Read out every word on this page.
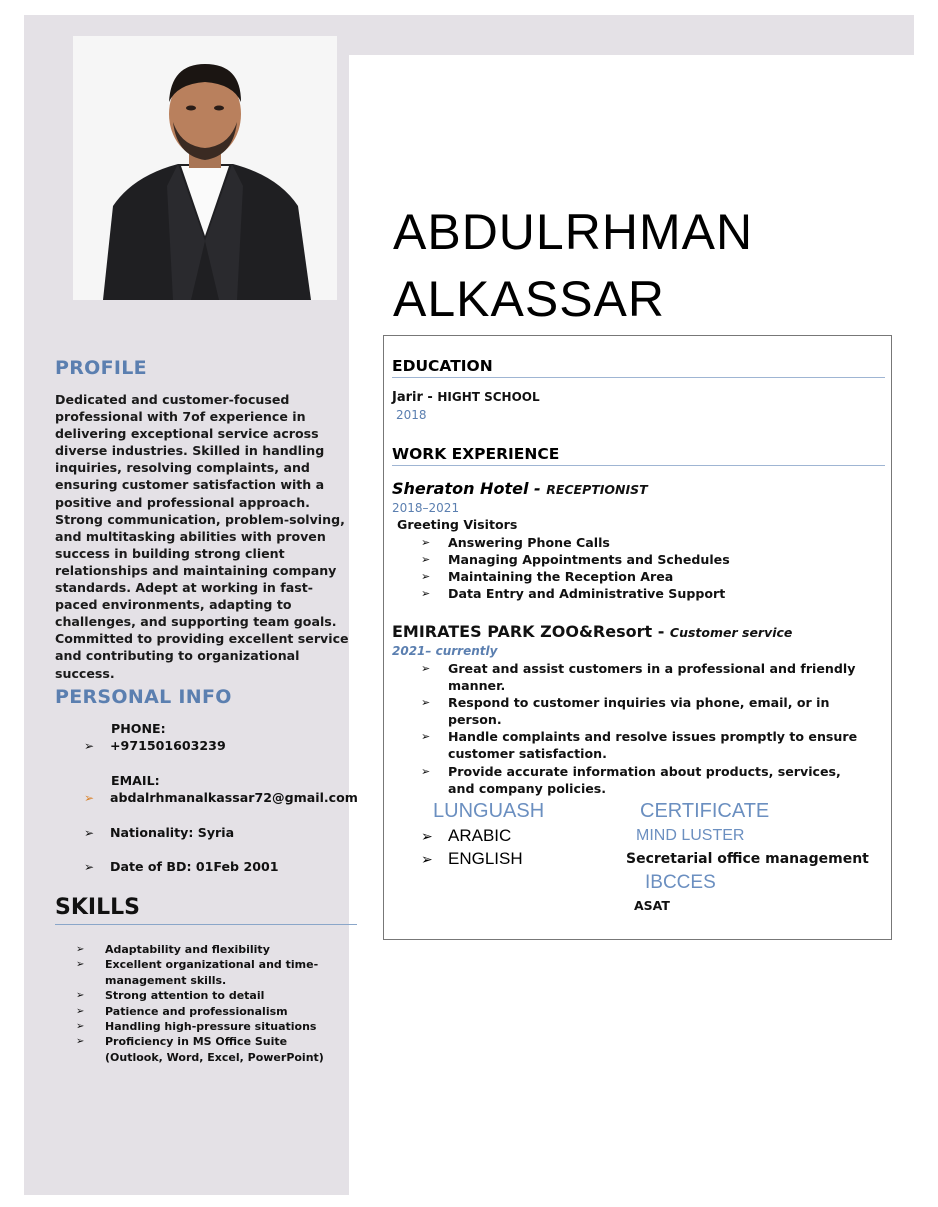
ABDULRHMAN
ALKASSAR
PROFILE
Dedicated and customer-focused professional with 7of experience in delivering exceptional service across diverse industries. Skilled in handling inquiries, resolving complaints, and ensuring customer satisfaction with a positive and professional approach. Strong communication, problem-solving, and multitasking abilities with proven success in building strong client relationships and maintaining company standards. Adept at working in fast-paced environments, adapting to challenges, and supporting team goals. Committed to providing excellent service and contributing to organizational success.
PERSONAL INFO
PHONE:
➢ +971501603239
EMAIL:
➢ abdalrhmanalkassar72@gmail.com
➢ Nationality: Syria
➢ Date of BD: 01Feb 2001
SKILLS
➢ Adaptability and flexibility
➢ Excellent organizational and time-management skills.
➢ Strong attention to detail
➢ Patience and professionalism
➢ Handling high-pressure situations
➢ Proficiency in MS Office Suite (Outlook, Word, Excel, PowerPoint)
EDUCATION
Jarir - HIGHT SCHOOL
2018
WORK EXPERIENCE
Sheraton Hotel - RECEPTIONIST
2018–2021
Greeting Visitors
➢ Answering Phone Calls
➢ Managing Appointments and Schedules
➢ Maintaining the Reception Area
➢ Data Entry and Administrative Support
EMIRATES PARK ZOO&Resort - Customer service
2021– currently
➢ Great and assist customers in a professional and friendly manner.
➢ Respond to customer inquiries via phone, email, or in person.
➢ Handle complaints and resolve issues promptly to ensure customer satisfaction.
➢ Provide accurate information about products, services, and company policies.
LUNGUASH
➢ ARABIC
➢ ENGLISH
CERTIFICATE
MIND LUSTER
Secretarial office management
IBCCES
ASAT
